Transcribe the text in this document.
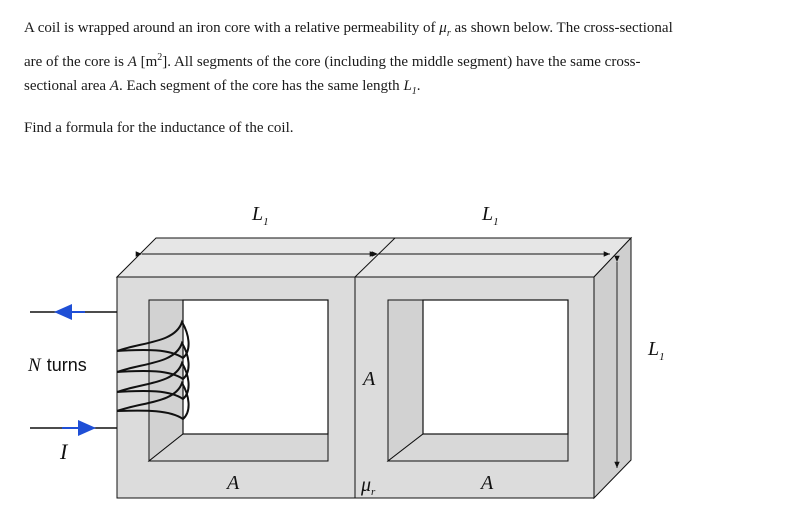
A coil is wrapped around an iron core with a relative permeability of $\mu_r$ as shown below. The cross-sectional are of the core is A $[m^2]$. All segments of the core (including the middle segment) have the same cross-sectional area A. Each segment of the core has the same length $L_1$.

Find a formula for the inductance of the coil.

$L_1$	$L_1$
$L_1$
N turns
I
A
A
A
$\mu_r$
